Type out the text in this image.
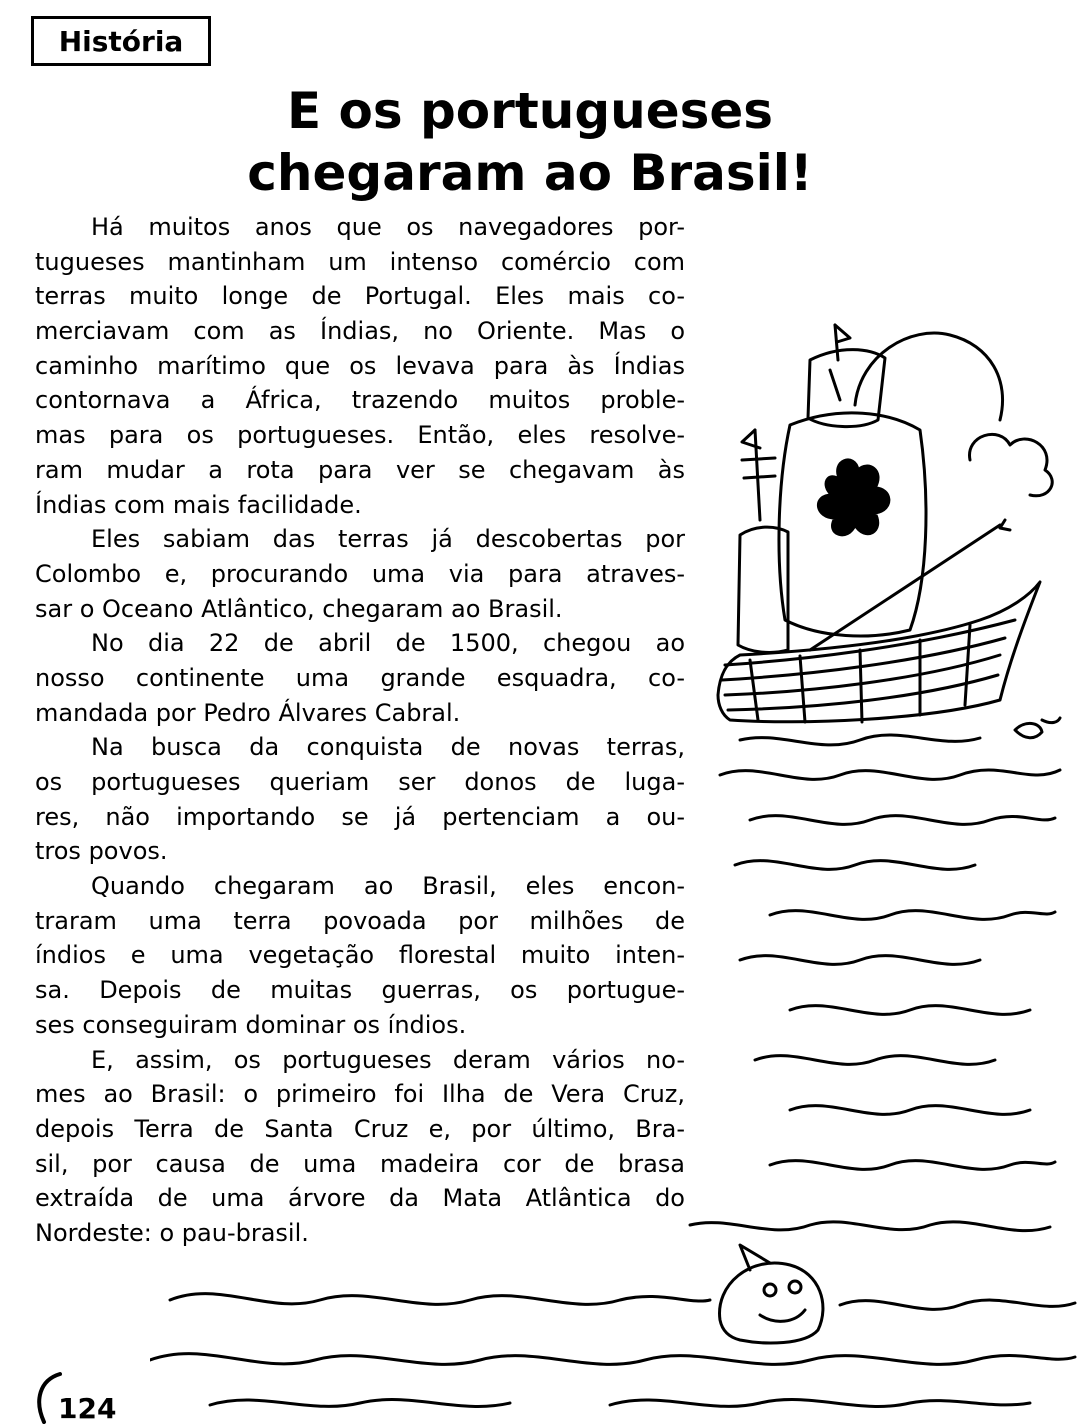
História
E os portugueses
chegaram ao Brasil!
Há muitos anos que os navegadores por-
tugueses mantinham um intenso comércio com
terras muito longe de Portugal. Eles mais co-
merciavam com as Índias, no Oriente. Mas o
caminho marítimo que os levava para às Índias
contornava a África, trazendo muitos proble-
mas para os portugueses. Então, eles resolve-
ram mudar a rota para ver se chegavam às
Índias com mais facilidade.
Eles sabiam das terras já descobertas por
Colombo e, procurando uma via para atraves-
sar o Oceano Atlântico, chegaram ao Brasil.
No dia 22 de abril de 1500, chegou ao
nosso continente uma grande esquadra, co-
mandada por Pedro Álvares Cabral.
Na busca da conquista de novas terras,
os portugueses queriam ser donos de luga-
res, não importando se já pertenciam a ou-
tros povos.
Quando chegaram ao Brasil, eles encon-
traram uma terra povoada por milhões de
índios e uma vegetação florestal muito inten-
sa. Depois de muitas guerras, os portugue-
ses conseguiram dominar os índios.
E, assim, os portugueses deram vários no-
mes ao Brasil: o primeiro foi Ilha de Vera Cruz,
depois Terra de Santa Cruz e, por último, Bra-
sil, por causa de uma madeira cor de brasa
extraída de uma árvore da Mata Atlântica do
Nordeste: o pau-brasil.
124
